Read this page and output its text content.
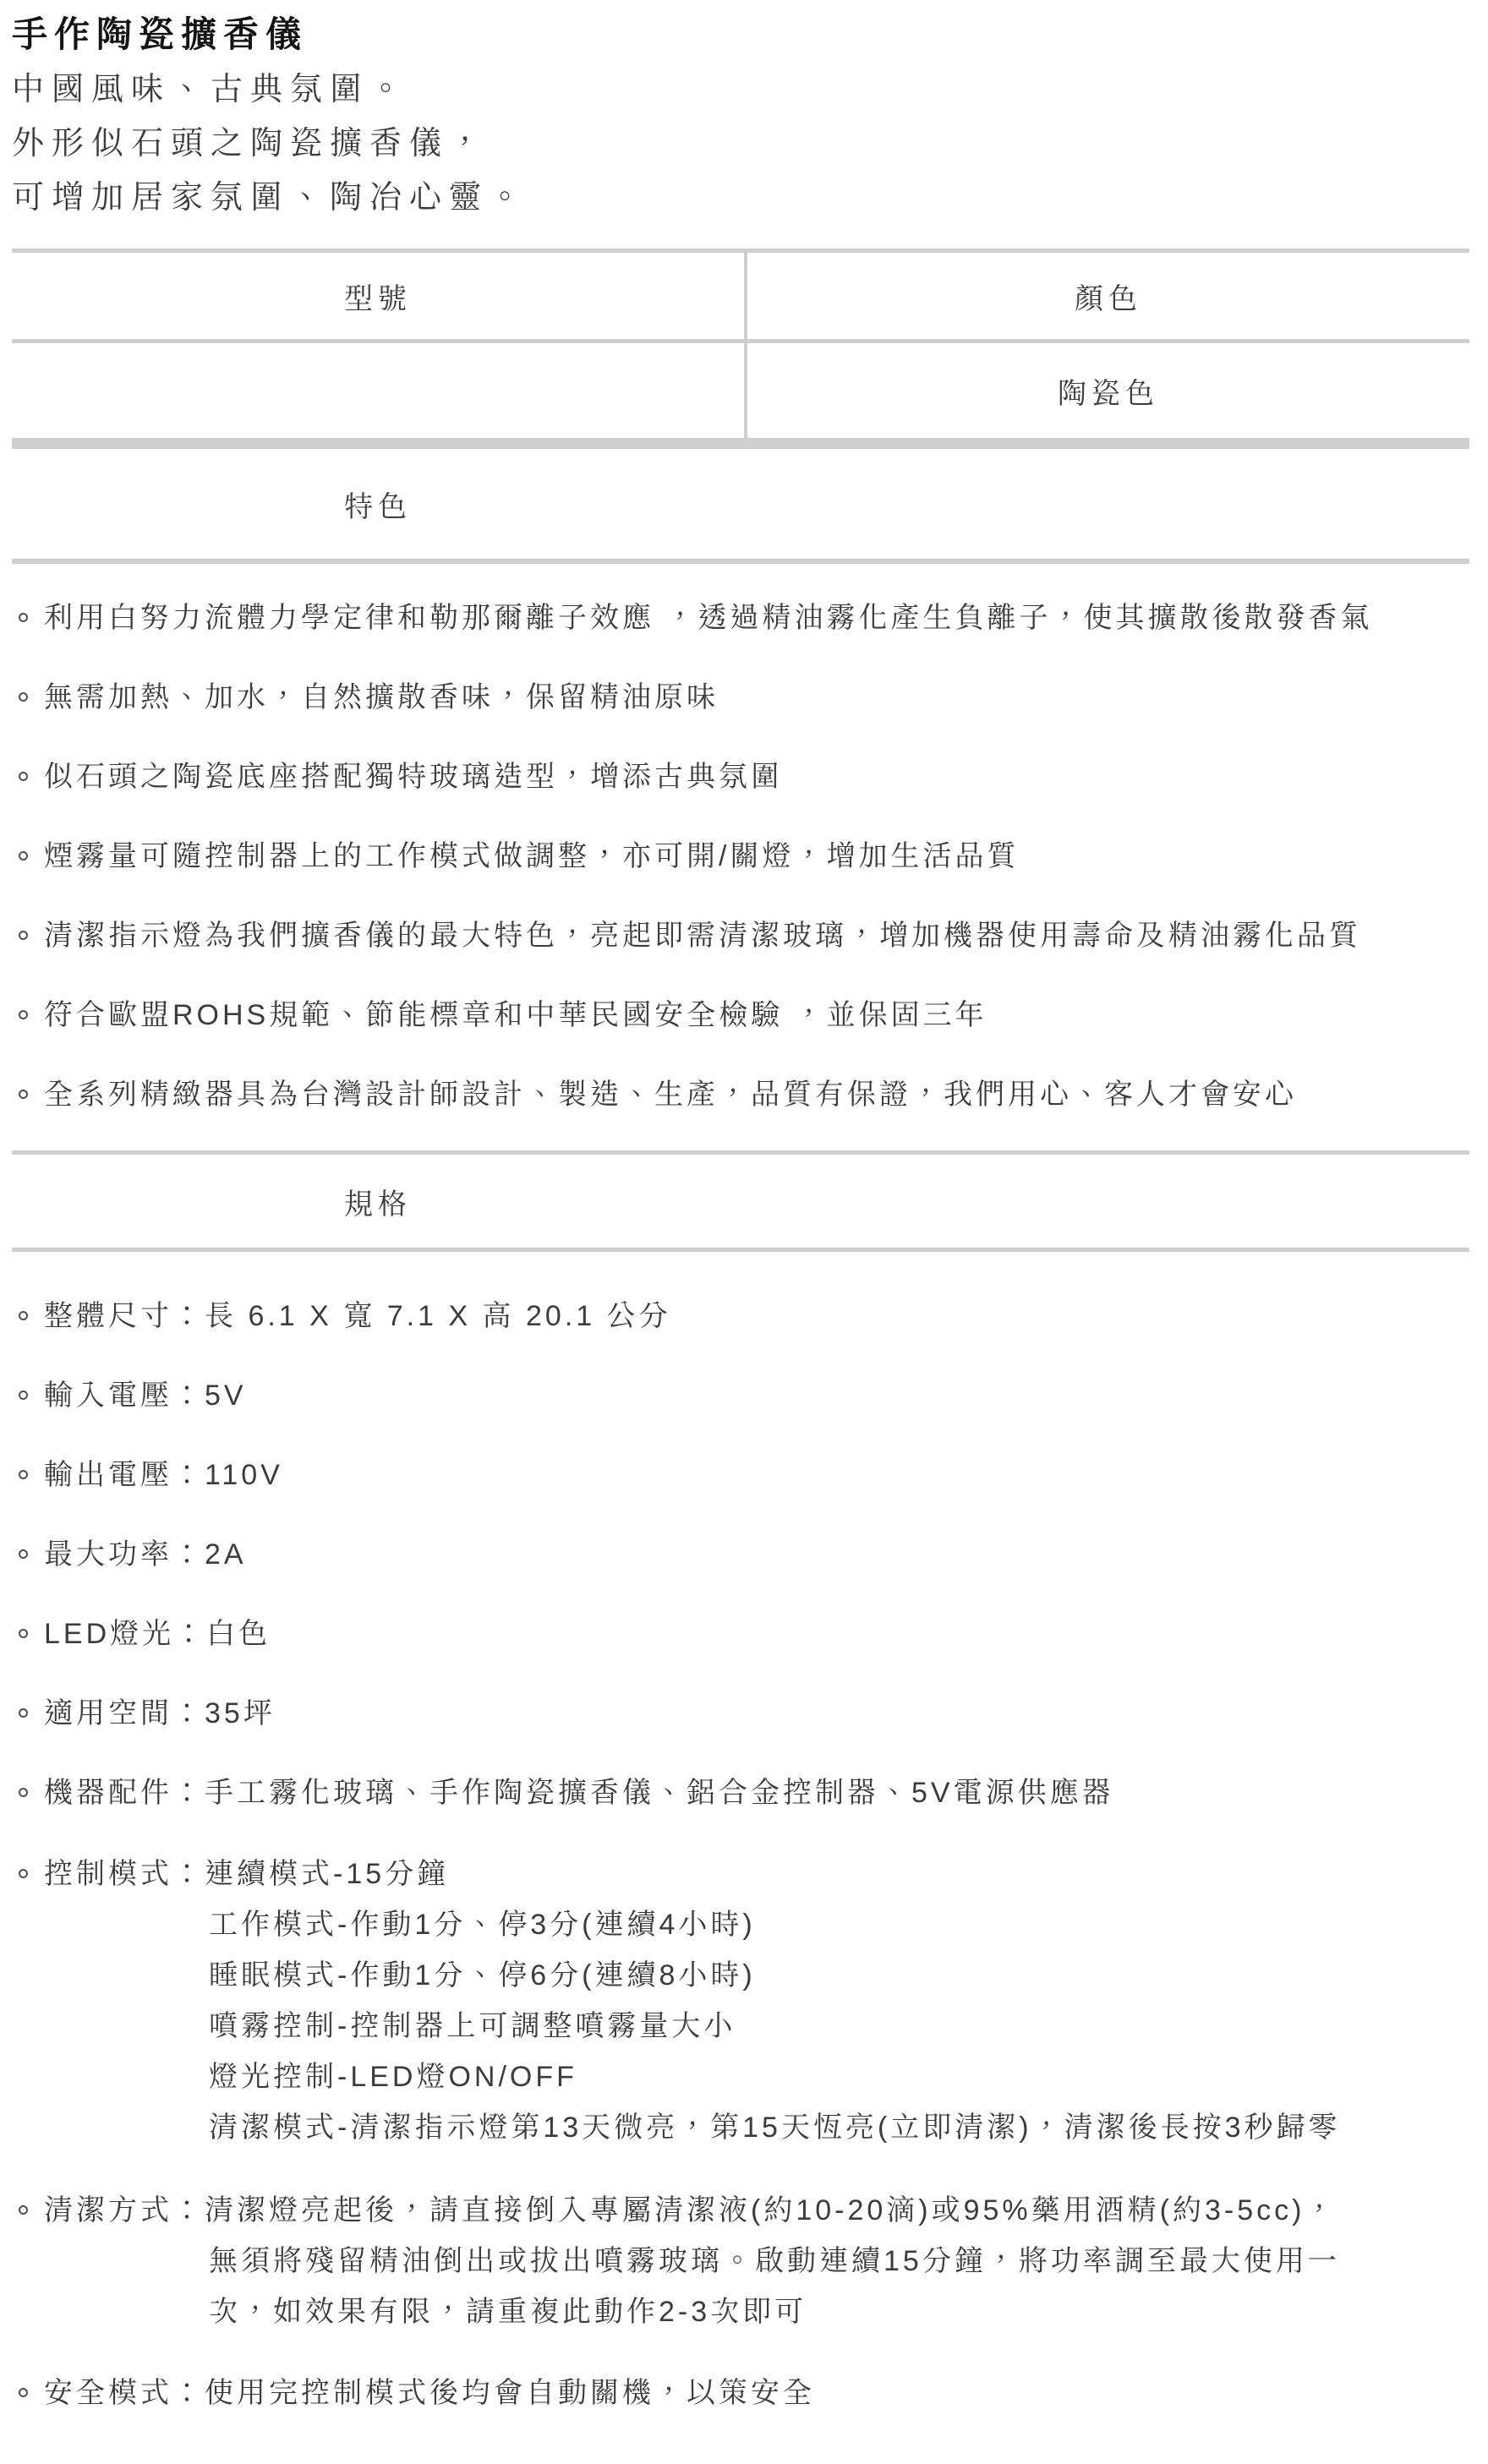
手作陶瓷擴香儀

中國風味、古典氛圍。

外形似石頭之陶瓷擴香儀，

可增加居家氛圍、陶冶心靈。

型號	顏色
陶瓷色
特色
利用白努力流體力學定律和勒那爾離子效應 ，透過精油霧化產生負離子，使其擴散後散發香氣
無需加熱、加水，自然擴散香味，保留精油原味
似石頭之陶瓷底座搭配獨特玻璃造型，增添古典氛圍
煙霧量可隨控制器上的工作模式做調整，亦可開/關燈，增加生活品質
清潔指示燈為我們擴香儀的最大特色，亮起即需清潔玻璃，增加機器使用壽命及精油霧化品質
符合歐盟ROHS規範、節能標章和中華民國安全檢驗 ，並保固三年
全系列精緻器具為台灣設計師設計、製造、生產，品質有保證，我們用心、客人才會安心
規格
整體尺寸：長 6.1 X 寬 7.1 X 高 20.1 公分
輸入電壓：5V
輸出電壓：110V
最大功率：2A
LED燈光：白色
適用空間：35坪
機器配件：手工霧化玻璃、手作陶瓷擴香儀、鋁合金控制器、5V電源供應器
控制模式：連續模式-15分鐘
工作模式-作動1分、停3分(連續4小時)
睡眠模式-作動1分、停6分(連續8小時)
噴霧控制-控制器上可調整噴霧量大小
燈光控制-LED燈ON/OFF
清潔模式-清潔指示燈第13天微亮，第15天恆亮(立即清潔)，清潔後長按3秒歸零
清潔方式：清潔燈亮起後，請直接倒入專屬清潔液(約10-20滴)或95%藥用酒精(約3-5cc)，
無須將殘留精油倒出或拔出噴霧玻璃。啟動連續15分鐘，將功率調至最大使用一
次，如效果有限，請重複此動作2-3次即可
安全模式：使用完控制模式後均會自動關機，以策安全
